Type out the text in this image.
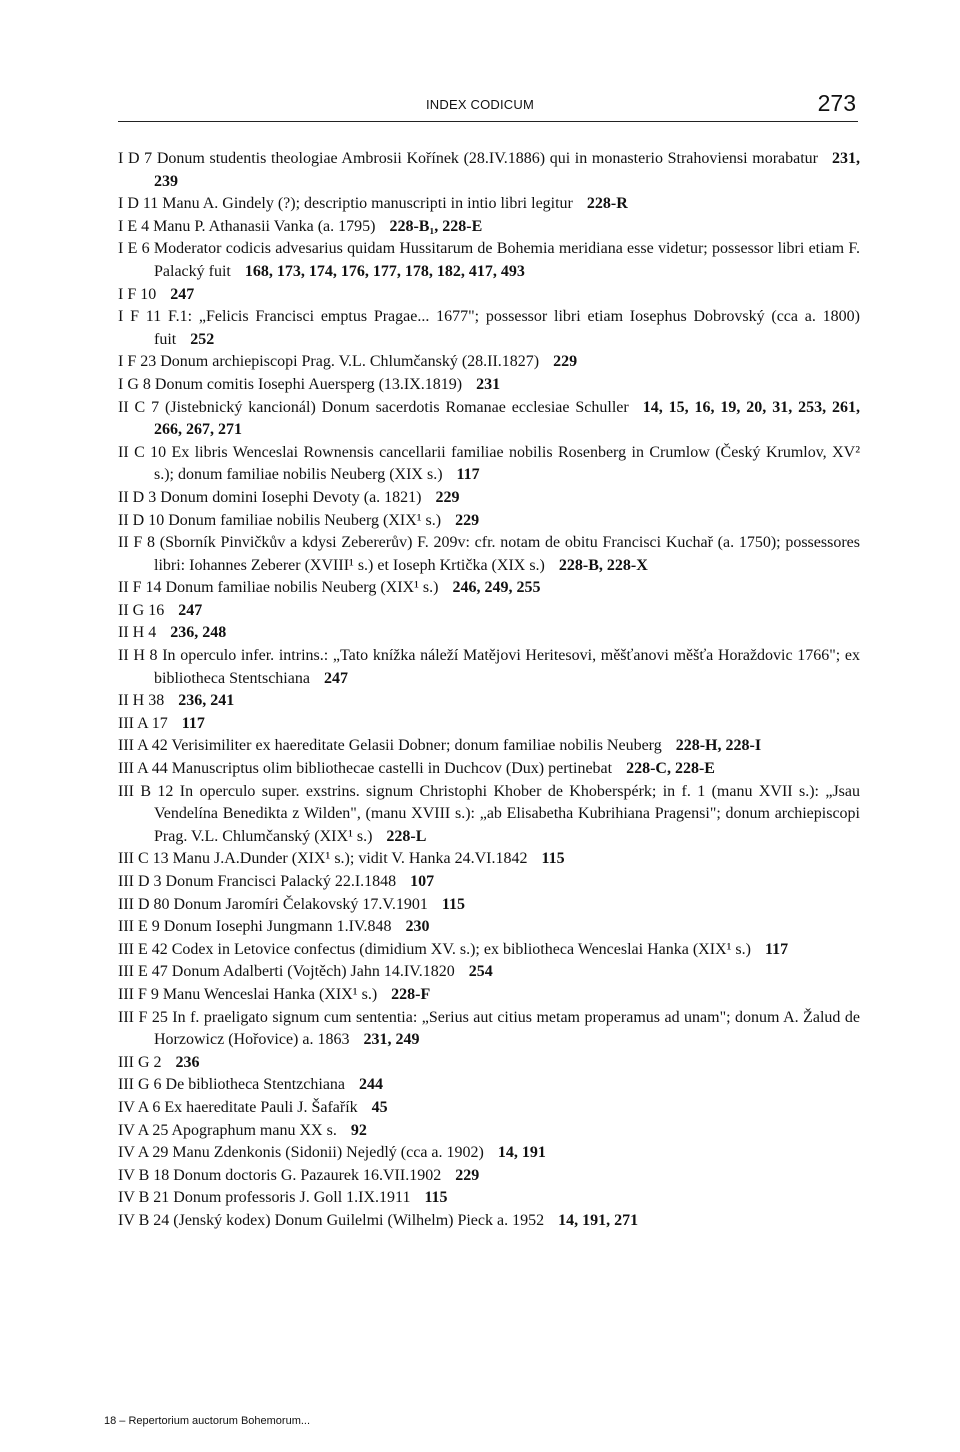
INDEX CODICUM	273

I D 7 Donum studentis theologiae Ambrosii Kořínek (28.IV.1886) qui in monasterio Strahoviensi morabatur 231, 239

I D 11 Manu A. Gindely (?); descriptio manuscripti in intio libri legitur 228-R

I E 4 Manu P. Athanasii Vanka (a. 1795) 228-B₁, 228-E

I E 6 Moderator codicis advesarius quidam Hussitarum de Bohemia meridiana esse videtur; possessor libri etiam F. Palacký fuit 168, 173, 174, 176, 177, 178, 182, 417, 493

I F 10 247

I F 11 F.1: „Felicis Francisci emptus Pragae... 1677"; possessor libri etiam Iosephus Dobrovský (cca a. 1800) fuit 252

I F 23 Donum archiepiscopi Prag. V.L. Chlumčanský (28.II.1827) 229

I G 8 Donum comitis Iosephi Auersperg (13.IX.1819) 231

II C 7 (Jistebnický kancionál) Donum sacerdotis Romanae ecclesiae Schuller 14, 15, 16, 19, 20, 31, 253, 261, 266, 267, 271

II C 10 Ex libris Wenceslai Rownensis cancellarii familiae nobilis Rosenberg in Crumlow (Český Krumlov, XV² s.); donum familiae nobilis Neuberg (XIX s.) 117

II D 3 Donum domini Iosephi Devoty (a. 1821) 229

II D 10 Donum familiae nobilis Neuberg (XIX¹ s.) 229

II F 8 (Sborník Pinvičkův a kdysi Zebererův) F. 209v: cfr. notam de obitu Francisci Kuchař (a. 1750); possessores libri: Iohannes Zeberer (XVIII¹ s.) et Ioseph Krtička (XIX s.) 228-B, 228-X

II F 14 Donum familiae nobilis Neuberg (XIX¹ s.) 246, 249, 255

II G 16 247

II H 4 236, 248

II H 8 In operculo infer. intrins.: „Tato knížka náleží Matějovi Heritesovi, měšťanovi měšťa Horaždovic 1766"; ex bibliotheca Stentschiana 247

II H 38 236, 241

III A 17 117

III A 42 Verisimiliter ex haereditate Gelasii Dobner; donum familiae nobilis Neuberg 228-H, 228-I

III A 44 Manuscriptus olim bibliothecae castelli in Duchcov (Dux) pertinebat 228-C, 228-E

III B 12 In operculo super. exstrins. signum Christophi Khober de Khoberspérk; in f. 1 (manu XVII s.): „Jsau Vendelína Benedikta z Wilden", (manu XVIII s.): „ab Elisabetha Kubrihiana Pragensi"; donum archiepiscopi Prag. V.L. Chlumčanský (XIX¹ s.) 228-L

III C 13 Manu J.A.Dunder (XIX¹ s.); vidit V. Hanka 24.VI.1842 115

III D 3 Donum Francisci Palacký 22.I.1848 107

III D 80 Donum Jaromíri Čelakovský 17.V.1901 115

III E 9 Donum Iosephi Jungmann 1.IV.848 230

III E 42 Codex in Letovice confectus (dimidium XV. s.); ex bibliotheca Wenceslai Hanka (XIX¹ s.) 117

III E 47 Donum Adalberti (Vojtěch) Jahn 14.IV.1820 254

III F 9 Manu Wenceslai Hanka (XIX¹ s.) 228-F

III F 25 In f. praeligato signum cum sententia: „Serius aut citius metam properamus ad unam"; donum A. Žalud de Horzowicz (Hořovice) a. 1863 231, 249

III G 2 236

III G 6 De bibliotheca Stentzchiana 244

IV A 6 Ex haereditate Pauli J. Šafařík 45

IV A 25 Apographum manu XX s. 92

IV A 29 Manu Zdenkonis (Sidonii) Nejedlý (cca a. 1902) 14, 191

IV B 18 Donum doctoris G. Pazaurek 16.VII.1902 229

IV B 21 Donum professoris J. Goll 1.IX.1911 115

IV B 24 (Jenský kodex) Donum Guilelmi (Wilhelm) Pieck a. 1952 14, 191, 271

18 – Repertorium auctorum Bohemorum...
